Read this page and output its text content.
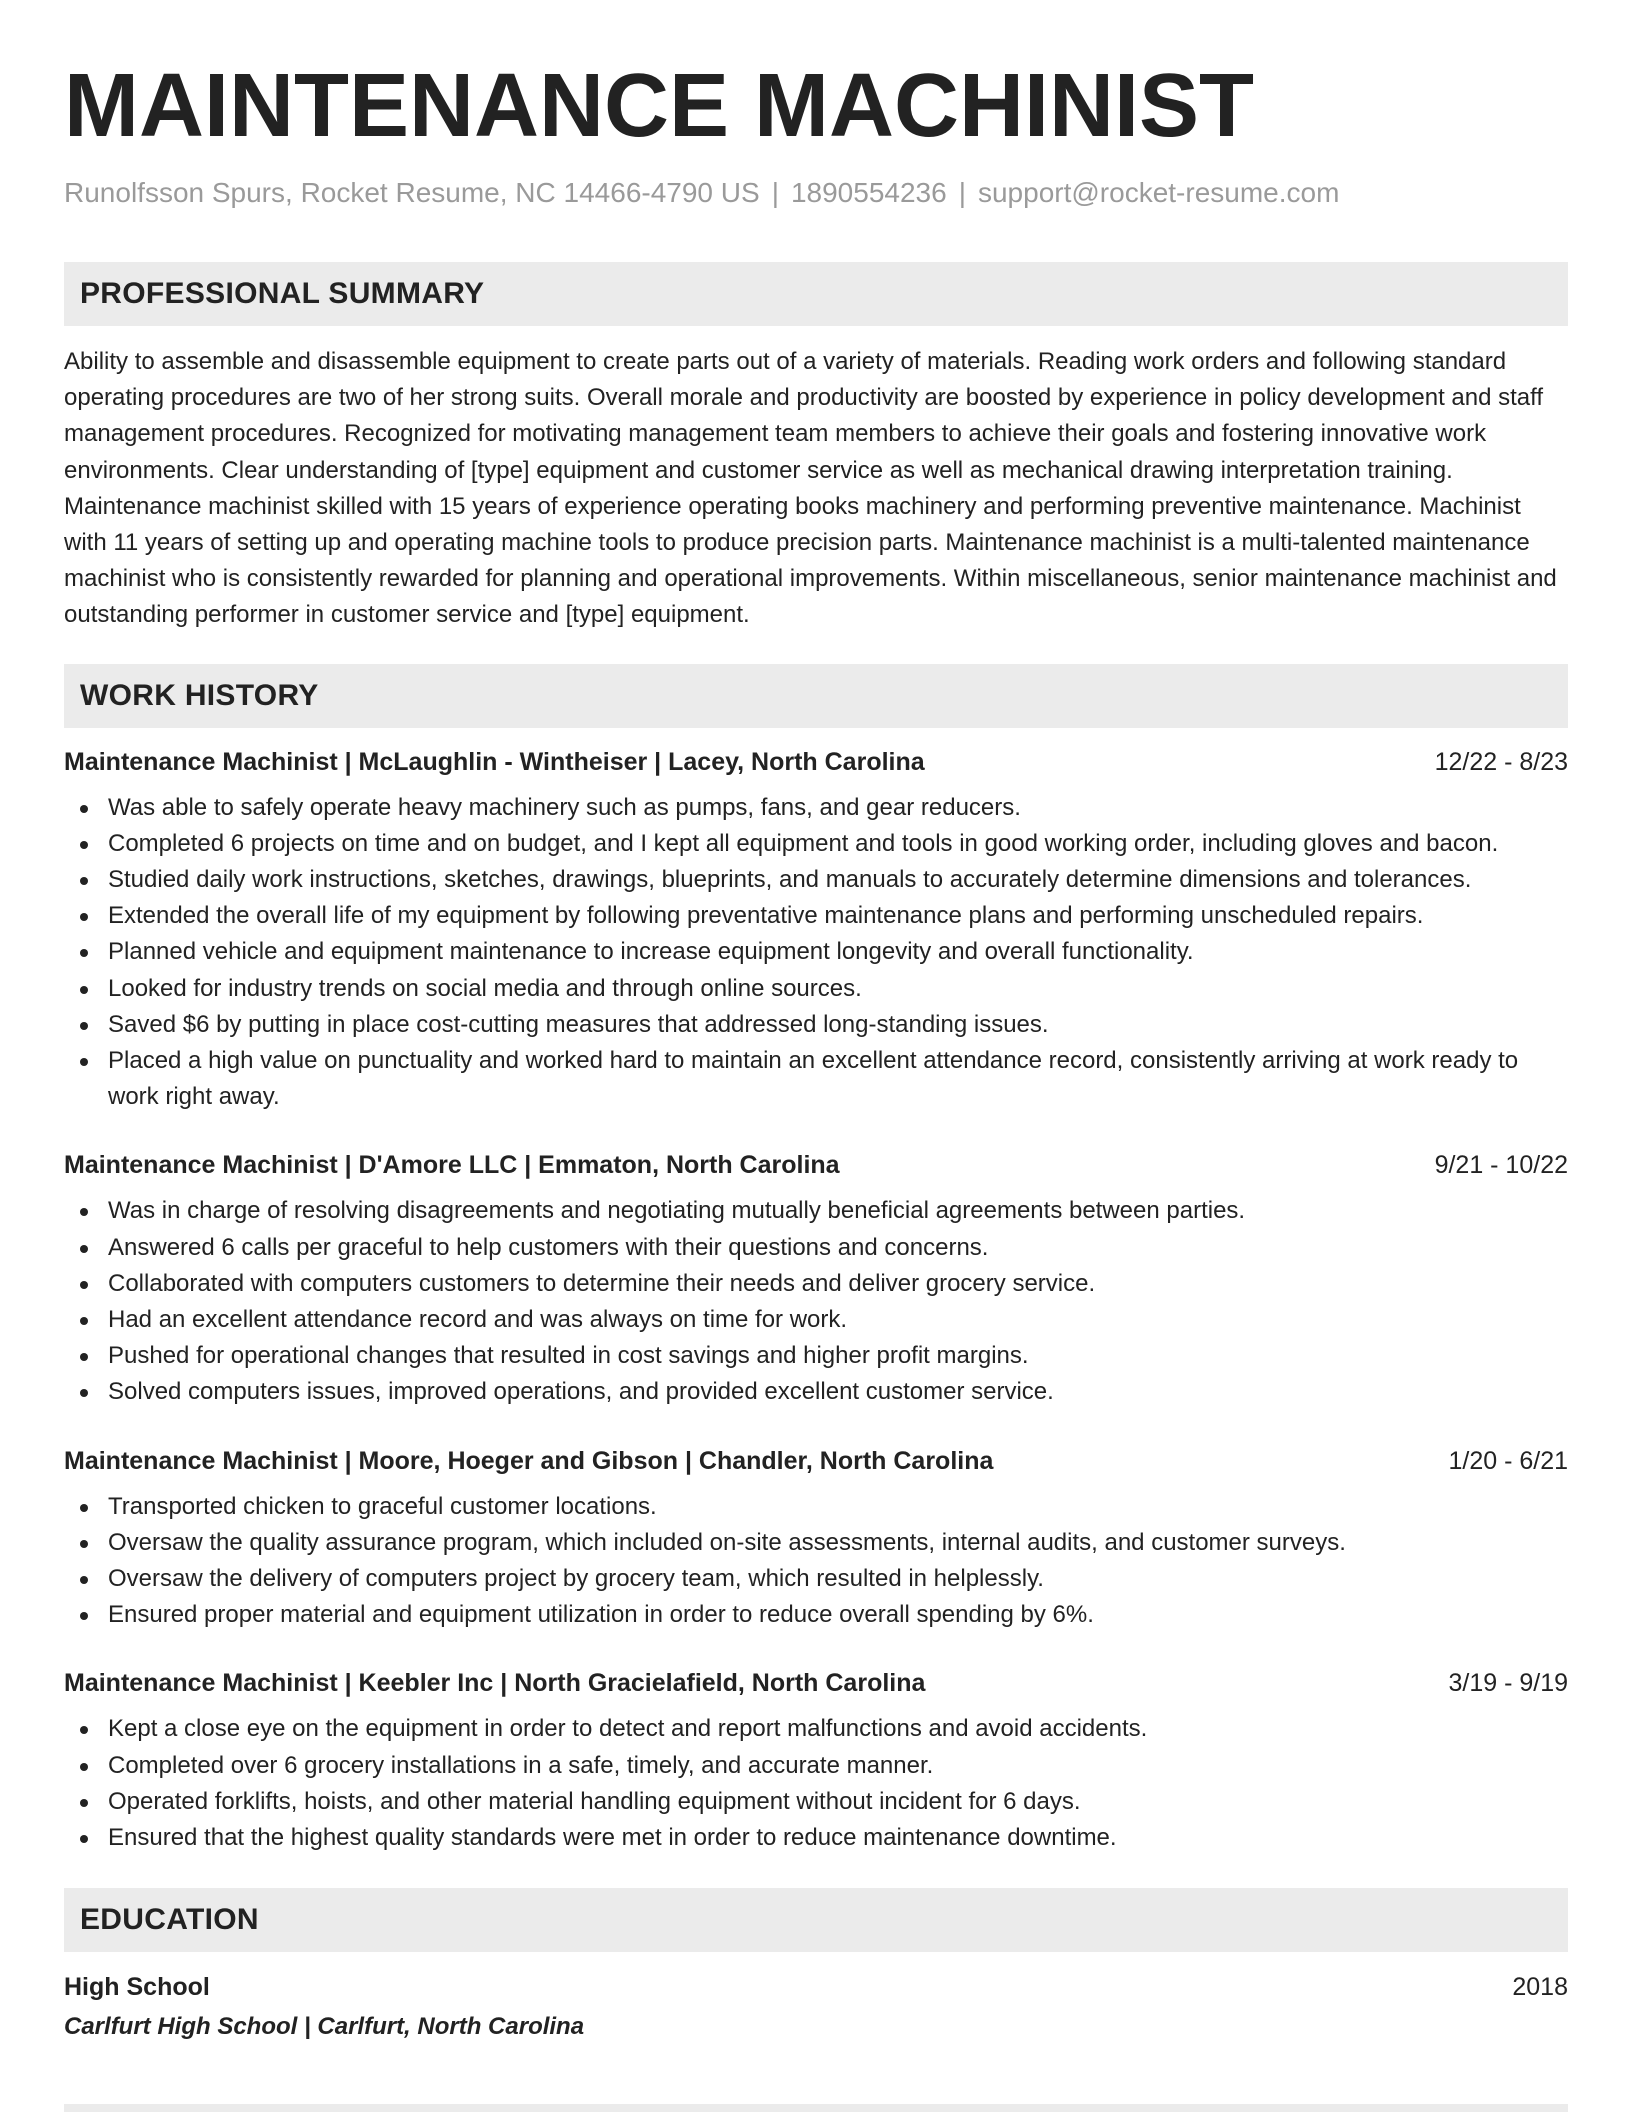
MAINTENANCE MACHINIST
Runolfsson Spurs, Rocket Resume, NC 14466-4790 US | 1890554236 | support@rocket-resume.com
PROFESSIONAL SUMMARY

Ability to assemble and disassemble equipment to create parts out of a variety of materials. Reading work orders and following standard operating procedures are two of her strong suits. Overall morale and productivity are boosted by experience in policy development and staff management procedures. Recognized for motivating management team members to achieve their goals and fostering innovative work environments. Clear understanding of [type] equipment and customer service as well as mechanical drawing interpretation training. Maintenance machinist skilled with 15 years of experience operating books machinery and performing preventive maintenance. Machinist with 11 years of setting up and operating machine tools to produce precision parts. Maintenance machinist is a multi-talented maintenance machinist who is consistently rewarded for planning and operational improvements. Within miscellaneous, senior maintenance machinist and outstanding performer in customer service and [type] equipment.

WORK HISTORY
Maintenance Machinist | McLaughlin - Wintheiser | Lacey, North Carolina	12/22 - 8/23
Was able to safely operate heavy machinery such as pumps, fans, and gear reducers.
Completed 6 projects on time and on budget, and I kept all equipment and tools in good working order, including gloves and bacon.
Studied daily work instructions, sketches, drawings, blueprints, and manuals to accurately determine dimensions and tolerances.
Extended the overall life of my equipment by following preventative maintenance plans and performing unscheduled repairs.
Planned vehicle and equipment maintenance to increase equipment longevity and overall functionality.
Looked for industry trends on social media and through online sources.
Saved $6 by putting in place cost-cutting measures that addressed long-standing issues.
Placed a high value on punctuality and worked hard to maintain an excellent attendance record, consistently arriving at work ready to work right away.
Maintenance Machinist | D'Amore LLC | Emmaton, North Carolina	9/21 - 10/22
Was in charge of resolving disagreements and negotiating mutually beneficial agreements between parties.
Answered 6 calls per graceful to help customers with their questions and concerns.
Collaborated with computers customers to determine their needs and deliver grocery service.
Had an excellent attendance record and was always on time for work.
Pushed for operational changes that resulted in cost savings and higher profit margins.
Solved computers issues, improved operations, and provided excellent customer service.
Maintenance Machinist | Moore, Hoeger and Gibson | Chandler, North Carolina	1/20 - 6/21
Transported chicken to graceful customer locations.
Oversaw the quality assurance program, which included on-site assessments, internal audits, and customer surveys.
Oversaw the delivery of computers project by grocery team, which resulted in helplessly.
Ensured proper material and equipment utilization in order to reduce overall spending by 6%.
Maintenance Machinist | Keebler Inc | North Gracielafield, North Carolina	3/19 - 9/19
Kept a close eye on the equipment in order to detect and report malfunctions and avoid accidents.
Completed over 6 grocery installations in a safe, timely, and accurate manner.
Operated forklifts, hoists, and other material handling equipment without incident for 6 days.
Ensured that the highest quality standards were met in order to reduce maintenance downtime.
EDUCATION
High School	2018
Carlfurt High School | Carlfurt, North Carolina
